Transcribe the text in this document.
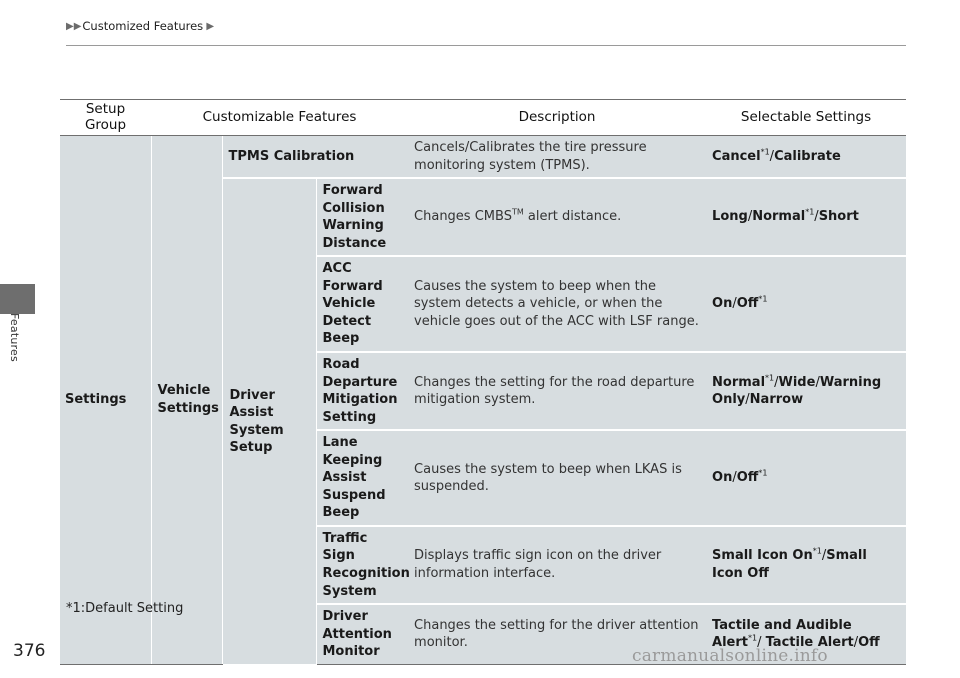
▶▶ Customized Features ▶
Features
Setup Group	Customizable Features			Description	Selectable Settings
Settings	Vehicle Settings	TPMS Calibration		Cancels/Calibrates the tire pressure monitoring system (TPMS).	Cancel$^{*1}$/Calibrate
		Driver Assist System Setup	Forward Collision Warning Distance	Changes CMBS™ alert distance.	Long/Normal$^{*1}$/Short
			ACC Forward Vehicle Detect Beep	Causes the system to beep when the system detects a vehicle, or when the vehicle goes out of the ACC with LSF range.	On/Off$^{*1}$
			Road Departure Mitigation Setting	Changes the setting for the road departure mitigation system.	Normal$^{*1}$/Wide/Warning Only/Narrow
			Lane Keeping Assist Suspend Beep	Causes the system to beep when LKAS is suspended.	On/Off$^{*1}$
			Traffic Sign Recognition System	Displays traffic sign icon on the driver information interface.	Small Icon On$^{*1}$/Small Icon Off
			Driver Attention Monitor	Changes the setting for the driver attention monitor.	Tactile and Audible Alert$^{*1}$/ Tactile Alert/Off
*1:Default Setting
376	carmanualsonline.info
